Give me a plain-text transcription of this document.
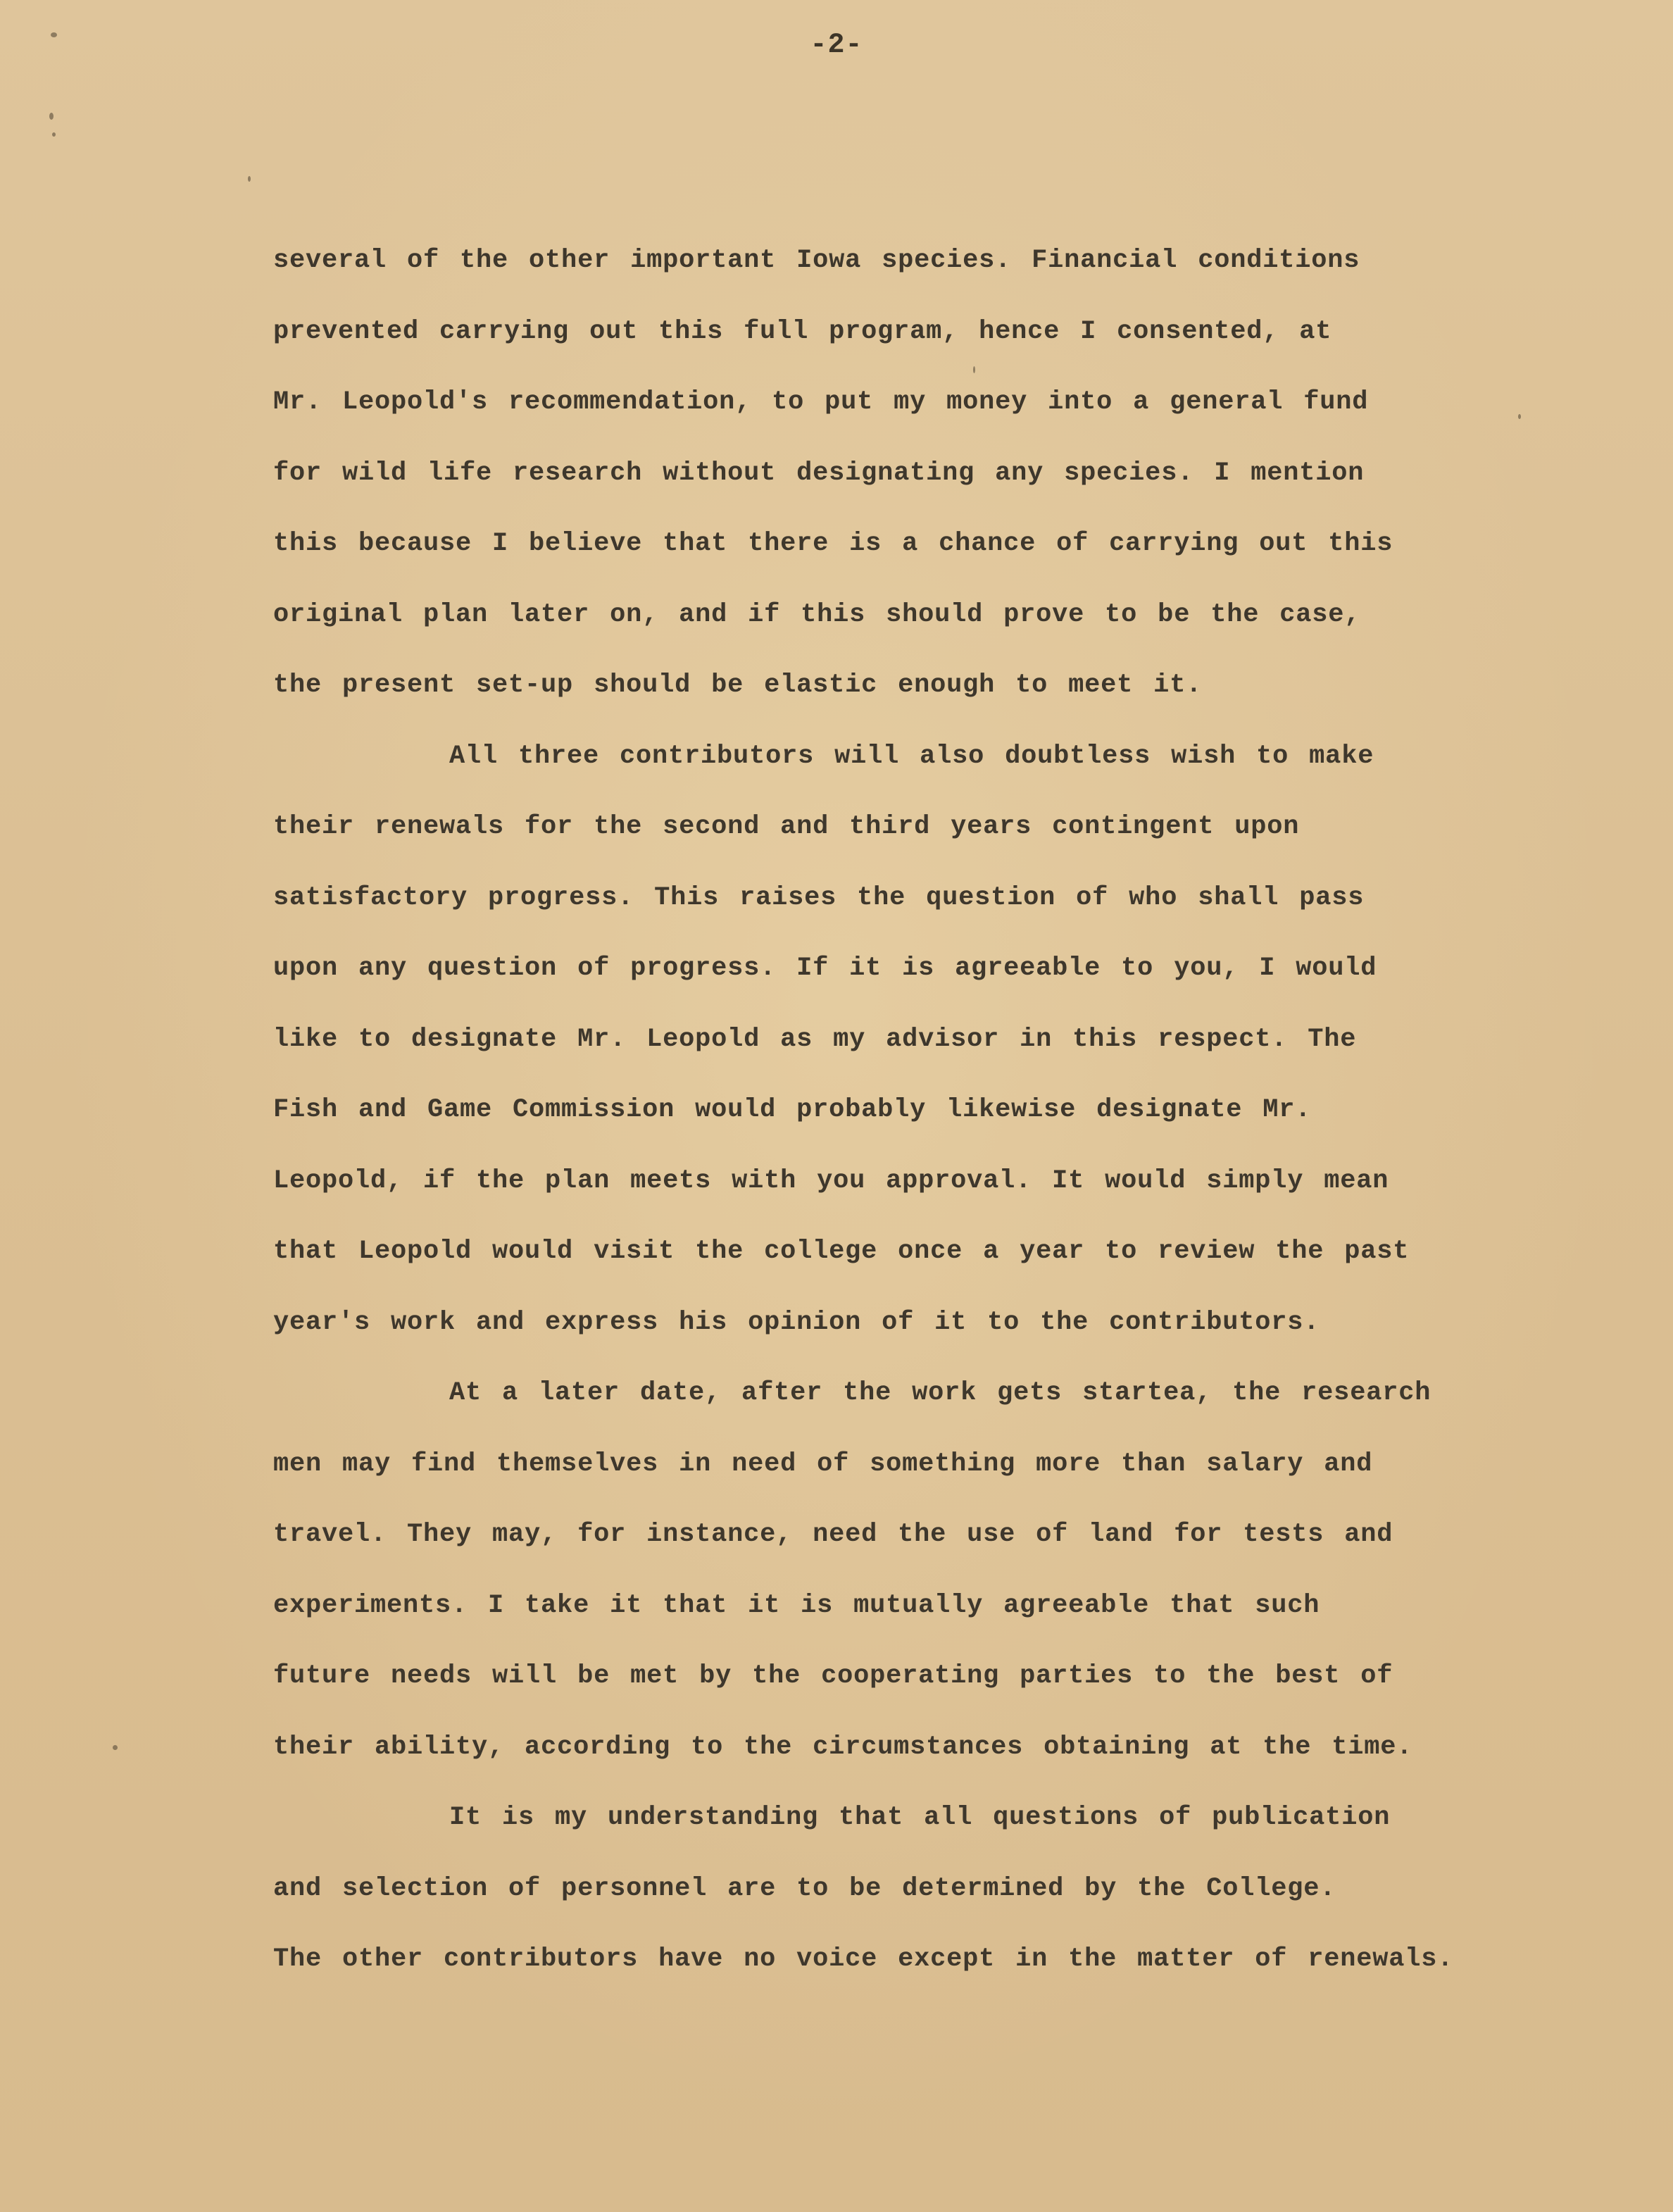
-2-
several of the other important Iowa species. Financial conditions
prevented carrying out this full program, hence I consented, at
Mr. Leopold's recommendation, to put my money into a general fund
for wild life research without designating any species. I mention
this because I believe that there is a chance of carrying out this
original plan later on, and if this should prove to be the case,
the present set-up should be elastic enough to meet it.
All three contributors will also doubtless wish to make
their renewals for the second and third years contingent upon
satisfactory progress. This raises the question of who shall pass
upon any question of progress. If it is agreeable to you, I would
like to designate Mr. Leopold as my advisor in this respect. The
Fish and Game Commission would probably likewise designate Mr.
Leopold, if the plan meets with you approval. It would simply mean
that Leopold would visit the college once a year to review the past
year's work and express his opinion of it to the contributors.
At a later date, after the work gets startea, the research
men may find themselves in need of something more than salary and
travel. They may, for instance, need the use of land for tests and
experiments. I take it that it is mutually agreeable that such
future needs will be met by the cooperating parties to the best of
their ability, according to the circumstances obtaining at the time.
It is my understanding that all questions of publication
and selection of personnel are to be determined by the College.
The other contributors have no voice except in the matter of renewals.
